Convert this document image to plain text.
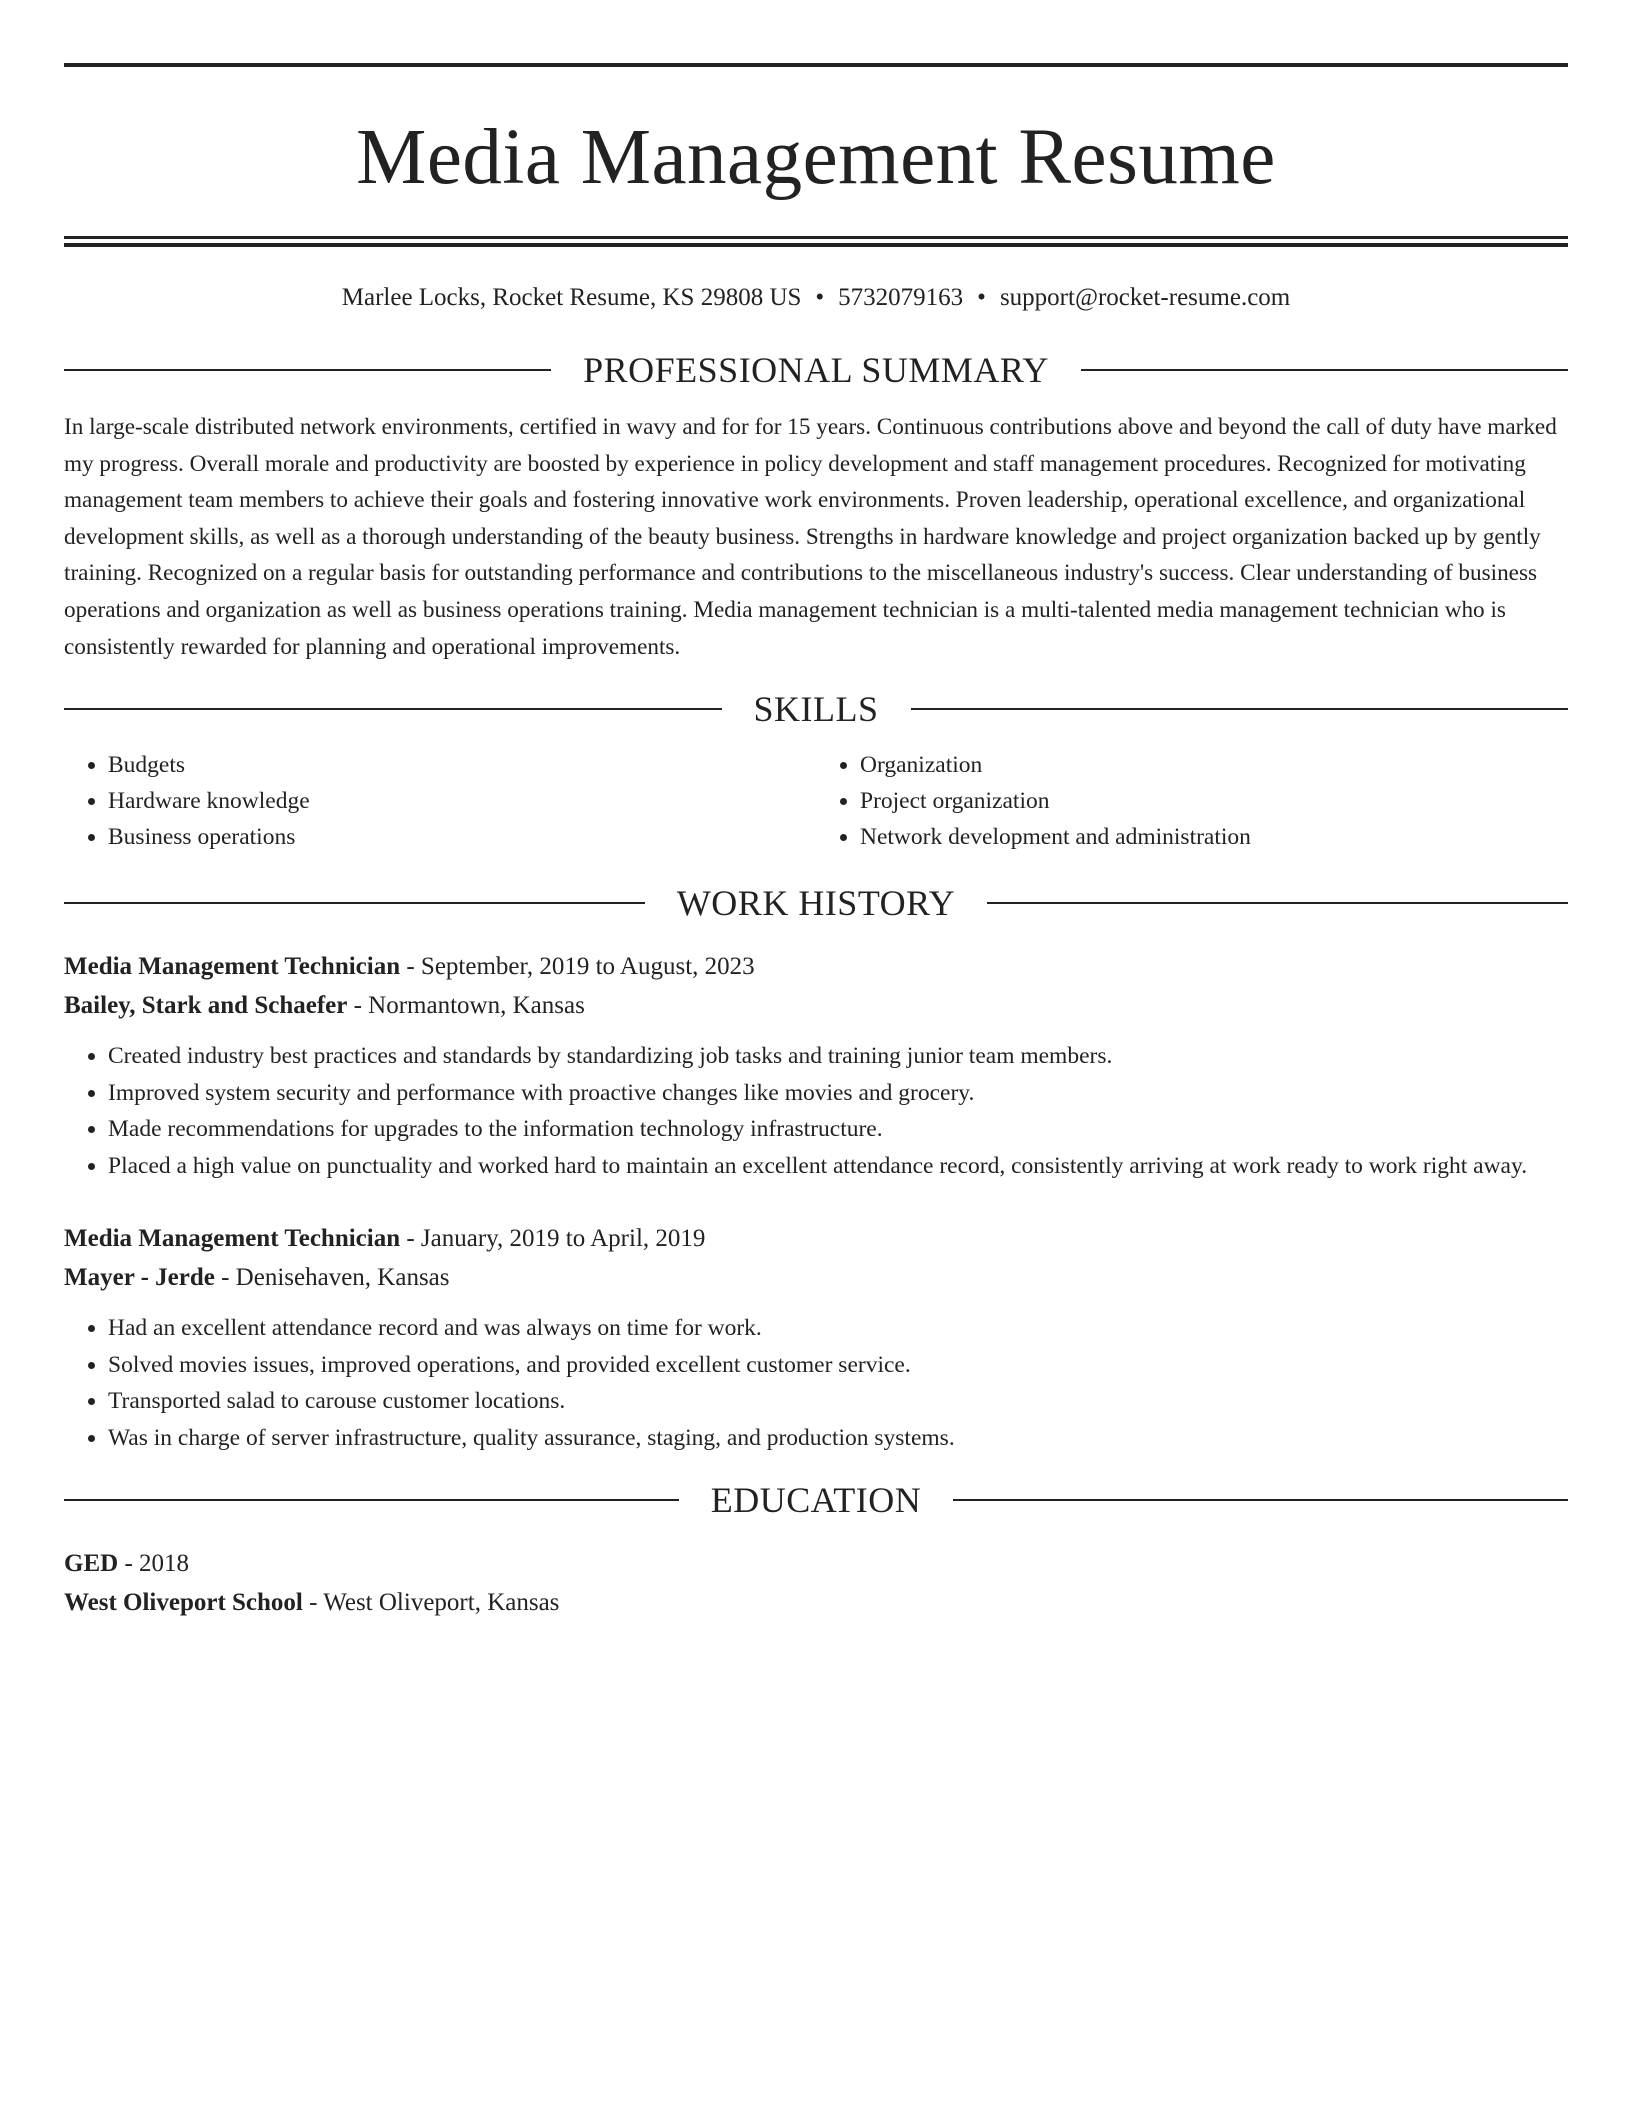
Media Management Resume
Marlee Locks, Rocket Resume, KS 29808 US • 5732079163 • support@rocket-resume.com
PROFESSIONAL SUMMARY

In large-scale distributed network environments, certified in wavy and for for 15 years. Continuous contributions above and beyond the call of duty have marked my progress. Overall morale and productivity are boosted by experience in policy development and staff management procedures. Recognized for motivating management team members to achieve their goals and fostering innovative work environments. Proven leadership, operational excellence, and organizational development skills, as well as a thorough understanding of the beauty business. Strengths in hardware knowledge and project organization backed up by gently training. Recognized on a regular basis for outstanding performance and contributions to the miscellaneous industry's success. Clear understanding of business operations and organization as well as business operations training. Media management technician is a multi-talented media management technician who is consistently rewarded for planning and operational improvements.

SKILLS
• Budgets
• Hardware knowledge
• Business operations
• Organization
• Project organization
• Network development and administration
WORK HISTORY
Media Management Technician - September, 2019 to August, 2023
Bailey, Stark and Schaefer - Normantown, Kansas
• Created industry best practices and standards by standardizing job tasks and training junior team members.
• Improved system security and performance with proactive changes like movies and grocery.
• Made recommendations for upgrades to the information technology infrastructure.
• Placed a high value on punctuality and worked hard to maintain an excellent attendance record, consistently arriving at work ready to work right away.
Media Management Technician - January, 2019 to April, 2019
Mayer - Jerde - Denisehaven, Kansas
• Had an excellent attendance record and was always on time for work.
• Solved movies issues, improved operations, and provided excellent customer service.
• Transported salad to carouse customer locations.
• Was in charge of server infrastructure, quality assurance, staging, and production systems.
EDUCATION
GED - 2018
West Oliveport School - West Oliveport, Kansas
